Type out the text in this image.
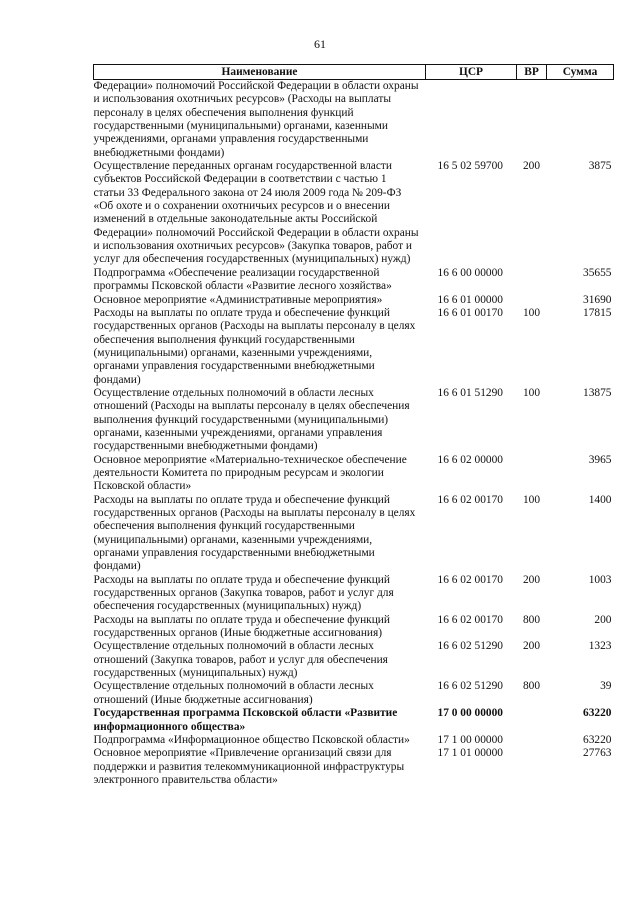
61
Наименование	ЦСР	ВР	Сумма
Федерации» полномочий Российской Федерации в области охраны и использования охотничьих ресурсов» (Расходы на выплаты персоналу в целях обеспечения выполнения функций государственными (муниципальными) органами, казенными учреждениями, органами управления государственными внебюджетными фондами)			
Осуществление переданных органам государственной власти субъектов Российской Федерации в соответствии с частью 1 статьи 33 Федерального закона от 24 июля 2009 года № 209-ФЗ «Об охоте и о сохранении охотничьих ресурсов и о внесении изменений в отдельные законодательные акты Российской Федерации» полномочий Российской Федерации в области охраны и использования охотничьих ресурсов» (Закупка товаров, работ и услуг для обеспечения государственных (муниципальных) нужд)	16 5 02 59700	200	3875
Подпрограмма «Обеспечение реализации государственной программы Псковской области «Развитие лесного хозяйства»	16 6 00 00000		35655
Основное мероприятие «Административные мероприятия»	16 6 01 00000		31690
Расходы на выплаты по оплате труда и обеспечение функций государственных органов (Расходы на выплаты персоналу в целях обеспечения выполнения функций государственными (муниципальными) органами, казенными учреждениями, органами управления государственными внебюджетными фондами)	16 6 01 00170	100	17815
Осуществление отдельных полномочий в области лесных отношений (Расходы на выплаты персоналу в целях обеспечения выполнения функций государственными (муниципальными) органами, казенными учреждениями, органами управления государственными внебюджетными фондами)	16 6 01 51290	100	13875
Основное мероприятие «Материально-техническое обеспечение деятельности Комитета по природным ресурсам и экологии Псковской области»	16 6 02 00000		3965
Расходы на выплаты по оплате труда и обеспечение функций государственных органов (Расходы на выплаты персоналу в целях обеспечения выполнения функций государственными (муниципальными) органами, казенными учреждениями, органами управления государственными внебюджетными фондами)	16 6 02 00170	100	1400
Расходы на выплаты по оплате труда и обеспечение функций государственных органов (Закупка товаров, работ и услуг для обеспечения государственных (муниципальных) нужд)	16 6 02 00170	200	1003
Расходы на выплаты по оплате труда и обеспечение функций государственных органов (Иные бюджетные ассигнования)	16 6 02 00170	800	200
Осуществление отдельных полномочий в области лесных отношений (Закупка товаров, работ и услуг для обеспечения государственных (муниципальных) нужд)	16 6 02 51290	200	1323
Осуществление отдельных полномочий в области лесных отношений (Иные бюджетные ассигнования)	16 6 02 51290	800	39
Государственная программа Псковской области «Развитие информационного общества»	17 0 00 00000		63220
Подпрограмма «Информационное общество Псковской области»	17 1 00 00000		63220
Основное мероприятие «Привлечение организаций связи для поддержки и развития телекоммуникационной инфраструктуры электронного правительства области»	17 1 01 00000		27763
